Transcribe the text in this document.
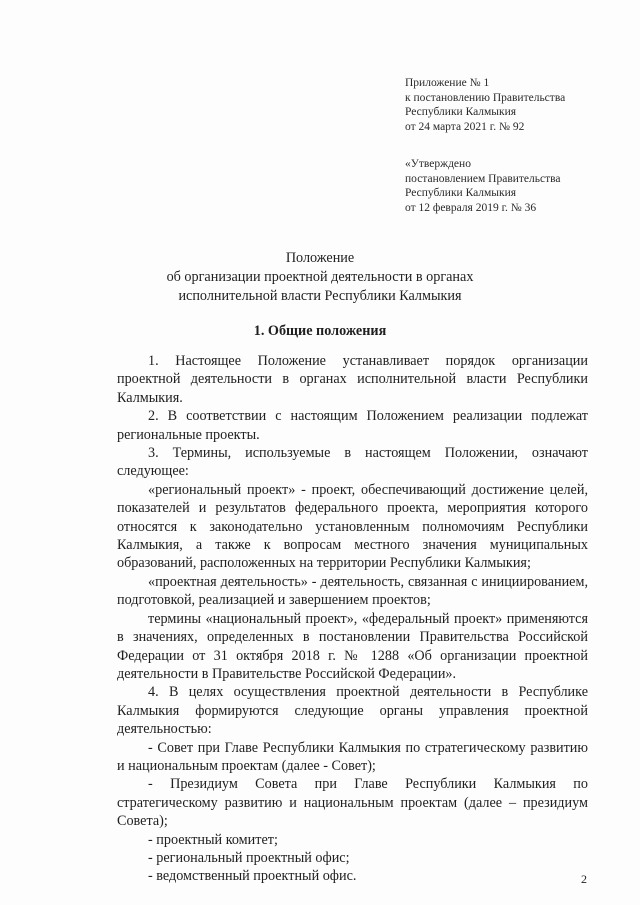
Приложение № 1
к постановлению Правительства
Республики Калмыкия
от 24 марта 2021 г. № 92
«Утверждено
постановлением Правительства
Республики Калмыкия
от 12 февраля 2019 г. № 36
Положение
об организации проектной деятельности в органах
исполнительной власти Республики Калмыкия
1. Общие положения

1. Настоящее Положение устанавливает порядок организации проектной деятельности в органах исполнительной власти Республики Калмыкия.

2. В соответствии с настоящим Положением реализации подлежат региональные проекты.

3. Термины, используемые в настоящем Положении, означают следующее:

«региональный проект» - проект, обеспечивающий достижение целей, показателей и результатов федерального проекта, мероприятия которого относятся к законодательно установленным полномочиям Республики Калмыкия, а также к вопросам местного значения муниципальных образований, расположенных на территории Республики Калмыкия;

«проектная деятельность» - деятельность, связанная с инициированием, подготовкой, реализацией и завершением проектов;

термины «национальный проект», «федеральный проект» применяются в значениях, определенных в постановлении Правительства Российской Федерации от 31 октября 2018 г. № 1288 «Об организации проектной деятельности в Правительстве Российской Федерации».

4. В целях осуществления проектной деятельности в Республике Калмыкия формируются следующие органы управления проектной деятельностью:

- Совет при Главе Республики Калмыкия по стратегическому развитию и национальным проектам (далее - Совет);

- Президиум Совета при Главе Республики Калмыкия по стратегическому развитию и национальным проектам (далее – президиум Совета);

- проектный комитет;

- региональный проектный офис;

- ведомственный проектный офис.	2
